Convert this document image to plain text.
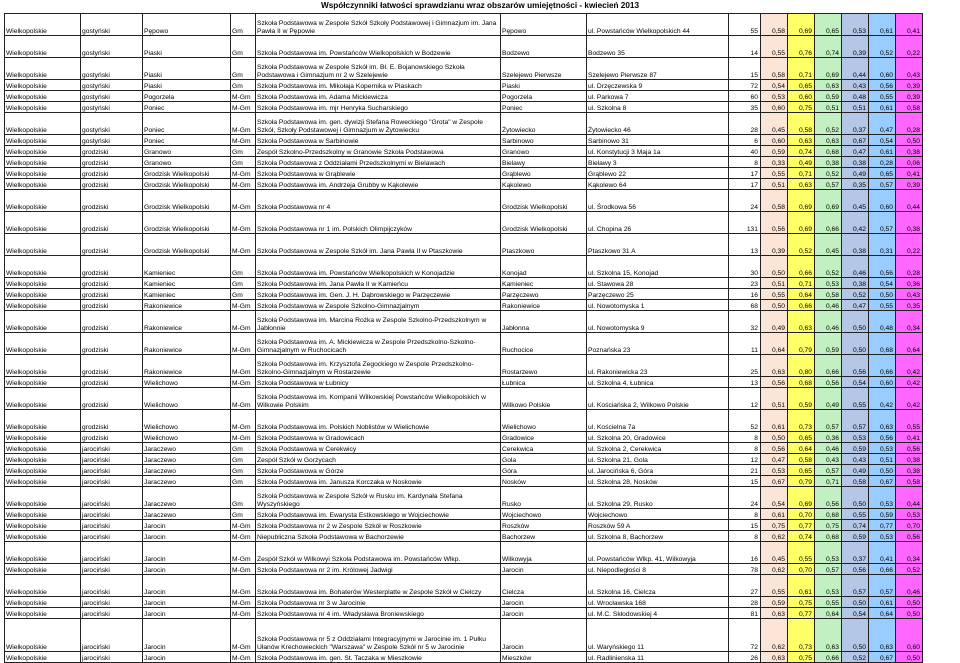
Współczynniki łatwości sprawdzianu wraz obszarów umiejętności - kwiecień 2013
Wielkopolskie	gostyński	Pępowo	Gm	Szkoła Podstawowa w Zespole Szkół Szkoły Podstawowej i Gimnazjum im. Jana Pawła II w Pępowie	Pępowo	ul. Powstańców Wielkopolskich 44	55	0,58	0,69	0,65	0,53	0,61	0,41
Wielkopolskie	gostyński	Piaski	Gm	Szkoła Podstawowa im. Powstańców Wielkopolskich w Bodzewie	Bodzewo	Bodzewo 35	14	0,55	0,76	0,74	0,39	0,52	0,22
Wielkopolskie	gostyński	Piaski	Gm	Szkoła Podstawowa w Zespole Szkół im. Bł. E. Bojanowskiego Szkoła Podstawowa i Gimnazjum nr 2 w Szelejewie	Szelejewo Pierwsze	Szelejewo Pierwsze 87	15	0,58	0,71	0,69	0,44	0,60	0,43
Wielkopolskie	gostyński	Piaski	Gm	Szkoła Podstawowa im. Mikołaja Kopernika w Piaskach	Piaski	ul. Drzęczewska 9	72	0,54	0,65	0,63	0,43	0,56	0,39
Wielkopolskie	gostyński	Pogorzela	M-Gm	Szkoła Podstawowa im. Adama Mickiewicza	Pogorzela	ul. Parkowa 7	60	0,53	0,60	0,59	0,48	0,55	0,39
Wielkopolskie	gostyński	Poniec	M-Gm	Szkoła Podstawowa im. mjr Henryka Sucharskiego	Poniec	ul. Szkolna 8	35	0,60	0,75	0,51	0,51	0,61	0,58
Wielkopolskie	gostyński	Poniec	M-Gm	Szkoła Podstawowa im. gen. dywizji Stefana Roweckiego "Grota" w Zespole Szkół, Szkoły Podstawowej i Gimnazjum w Żytowiecku	Żytowiecko	Żytowiecko 46	28	0,45	0,58	0,52	0,37	0,47	0,28
Wielkopolskie	gostyński	Poniec	M-Gm	Szkoła Podstawowa w Sarbinowie	Sarbinowo	Sarbinowo 31	6	0,60	0,63	0,63	0,67	0,54	0,50
Wielkopolskie	grodziski	Granowo	Gm	Zespół Szkolno-Przedszkolny w Granowie Szkoła Podstawowa	Granowo	ul. Konstytucji 3 Maja 1a	40	0,59	0,74	0,68	0,47	0,61	0,38
Wielkopolskie	grodziski	Granowo	Gm	Szkoła Podstawowa z Oddziałami Przedszkolnymi w Bielawach	Bielawy	Bielawy 3	8	0,33	0,49	0,38	0,38	0,28	0,06
Wielkopolskie	grodziski	Grodzisk Wielkopolski	M-Gm	Szkoła Podstawowa w Grąblewie	Grąblewo	Grąblewo 22	17	0,55	0,71	0,52	0,49	0,65	0,41
Wielkopolskie	grodziski	Grodzisk Wielkopolski	M-Gm	Szkoła Podstawowa im. Andrzeja Grubby w Kąkolewie	Kąkolewo	Kąkolewo 64	17	0,51	0,63	0,57	0,35	0,57	0,39
Wielkopolskie	grodziski	Grodzisk Wielkopolski	M-Gm	Szkoła Podstawowa nr 4	Grodzisk Wielkopolski	ul. Środkowa 56	24	0,58	0,69	0,69	0,45	0,60	0,44
Wielkopolskie	grodziski	Grodzisk Wielkopolski	M-Gm	Szkoła Podstawowa nr 1 im. Polskich Olimpijczyków	Grodzisk Wielkopolski	ul. Chopina 26	131	0,56	0,69	0,66	0,42	0,57	0,38
Wielkopolskie	grodziski	Grodzisk Wielkopolski	M-Gm	Szkoła Podstawowa w Zespole Szkół im. Jana Pawła II w Ptaszkowie	Ptaszkowo	Ptaszkowo 31 A	13	0,39	0,52	0,45	0,38	0,31	0,22
Wielkopolskie	grodziski	Kamieniec	Gm	Szkoła Podstawowa im. Powstańców Wielkopolskich w Konojadzie	Konojad	ul. Szkolna 15, Konojad	30	0,50	0,66	0,52	0,46	0,56	0,28
Wielkopolskie	grodziski	Kamieniec	Gm	Szkoła Podstawowa im. Jana Pawła II w Kamieńcu	Kamieniec	ul. Stawowa 28	23	0,51	0,71	0,53	0,38	0,54	0,36
Wielkopolskie	grodziski	Kamieniec	Gm	Szkoła Podstawowa im. Gen. J. H. Dąbrowskiego w Parzęczewie	Parzęczewo	Parzęczewo 25	16	0,55	0,64	0,58	0,52	0,50	0,43
Wielkopolskie	grodziski	Rakoniewice	M-Gm	Szkoła Podstawowa w Zespole Szkolno-Gimnazjalnym	Rakoniewice	ul. Nowotomyska 1	68	0,50	0,66	0,46	0,47	0,55	0,35
Wielkopolskie	grodziski	Rakoniewice	M-Gm	Szkoła Podstawowa im. Marcina Rożka w Zespole Szkolno-Przedszkolnym w Jabłonnie	Jabłonna	ul. Nowotomyska 9	32	0,49	0,63	0,46	0,50	0,48	0,34
Wielkopolskie	grodziski	Rakoniewice	M-Gm	Szkoła Podstawowa im. A. Mickiewicza w Zespole Przedszkolno-Szkolno-Gimnazjalnym w Ruchocicach	Ruchocice	Poznańska 23	11	0,64	0,79	0,59	0,50	0,68	0,64
Wielkopolskie	grodziski	Rakoniewice	M-Gm	Szkoła Podstawowa im. Krzysztofa Zegockiego w Zespole Przedszkolno-Szkolno-Gimnazjalnym w Rostarzewie	Rostarzewo	ul. Rakoniewicka 23	25	0,63	0,80	0,66	0,56	0,66	0,42
Wielkopolskie	grodziski	Wielichowo	M-Gm	Szkoła Podstawowa w Łubnicy	Łubnica	ul. Szkolna 4, Łubnica	13	0,56	0,68	0,56	0,54	0,60	0,42
Wielkopolskie	grodziski	Wielichowo	M-Gm	Szkoła Podstawowa im. Kompanii Wilkowskiej Powstańców Wielkopolskich w Wilkowie Polskim	Wilkowo Polskie	ul. Kościańska 2, Wilkowo Polskie	12	0,51	0,59	0,49	0,55	0,42	0,42
Wielkopolskie	grodziski	Wielichowo	M-Gm	Szkoła Podstawowa im. Polskich Noblistów w Wielichowie	Wielichowo	ul. Kościelna 7a	52	0,61	0,73	0,57	0,57	0,63	0,55
Wielkopolskie	grodziski	Wielichowo	M-Gm	Szkoła Podstawowa w Gradowicach	Gradowice	ul. Szkolna 20, Gradowice	8	0,50	0,65	0,36	0,53	0,56	0,41
Wielkopolskie	jarociński	Jaraczewo	Gm	Szkoła Podstawowa w Cerekwicy	Cerekwica	ul. Szkolna 2, Cerekwica	8	0,56	0,64	0,46	0,59	0,53	0,56
Wielkopolskie	jarociński	Jaraczewo	Gm	Zespół Szkół w Gorzycach	Gola	ul. Szkolna 21, Gola	12	0,47	0,58	0,43	0,43	0,51	0,38
Wielkopolskie	jarociński	Jaraczewo	Gm	Szkoła Podstawowa w Górze	Góra	ul. Jarocińska 6, Góra	21	0,53	0,65	0,57	0,49	0,50	0,38
Wielkopolskie	jarociński	Jaraczewo	Gm	Szkoła Podstawowa im. Janusza Korczaka w Noskowie	Nosków	ul. Szkolna 28, Nosków	15	0,67	0,79	0,71	0,58	0,67	0,58
Wielkopolskie	jarociński	Jaraczewo	Gm	Szkoła Podstawowa w Zespole Szkół w Rusku im. Kardynała Stefana Wyszyńskiego	Rusko	ul. Szkolna 29, Rusko	24	0,54	0,69	0,56	0,50	0,53	0,44
Wielkopolskie	jarociński	Jaraczewo	Gm	Szkoła Podstawowa im. Ewarysta Estkowskiego w Wojciechowie	Wojciechowo	Wojciechowo	8	0,61	0,70	0,68	0,55	0,59	0,53
Wielkopolskie	jarociński	Jarocin	M-Gm	Szkoła Podstawowa nr 2 w Zespole Szkół w Roszkowie	Roszków	Roszków 59 A	15	0,75	0,77	0,75	0,74	0,77	0,70
Wielkopolskie	jarociński	Jarocin	M-Gm	Niepubliczna Szkoła Podstawowa w Bachorzewie	Bachorzew	ul. Szkolna 8, Bachorzew	8	0,62	0,74	0,68	0,59	0,53	0,56
Wielkopolskie	jarociński	Jarocin	M-Gm	Zespół Szkół w Wilkowyi Szkoła Podstawowa im. Powstańców Wlkp.	Wilkowyja	ul. Powstańców Wlkp. 41, Wilkowyja	16	0,45	0,55	0,53	0,37	0,41	0,34
Wielkopolskie	jarociński	Jarocin	M-Gm	Szkoła Podstawowa nr 2 im. Królowej Jadwigi	Jarocin	ul. Niepodległości 8	78	0,62	0,70	0,57	0,56	0,66	0,52
Wielkopolskie	jarociński	Jarocin	M-Gm	Szkoła Podstawowa im. Bohaterów Westerplatte w Zespole Szkół w Cielczy	Cielcza	ul. Szkolna 16, Cielcza	27	0,55	0,61	0,53	0,57	0,57	0,46
Wielkopolskie	jarociński	Jarocin	M-Gm	Szkoła Podstawowa nr 3 w Jarocinie	Jarocin	ul. Wrocławska 168	28	0,59	0,75	0,55	0,50	0,61	0,50
Wielkopolskie	jarociński	Jarocin	M-Gm	Szkoła Podstawowa nr 4 im. Władysława Broniewskiego	Jarocin	ul. M.C. Skłodowskiej 4	81	0,63	0,77	0,64	0,54	0,64	0,50
Wielkopolskie	jarociński	Jarocin	M-Gm	Szkoła Podstawowa nr 5 z Oddziałami Integracyjnymi w Jarocinie im. 1 Pułku Ułanów Krechowieckich "Warszawa" w Zespole Szkół nr 5 w Jarocinie	Jarocin	ul. Waryńskiego 11	72	0,62	0,73	0,63	0,50	0,63	0,60
Wielkopolskie	jarociński	Jarocin	M-Gm	Szkoła Podstawowa im. gen. St. Taczaka w Mieszkowie	Mieszków	ul. Radlinienska 11	26	0,63	0,75	0,66	0,52	0,67	0,50
